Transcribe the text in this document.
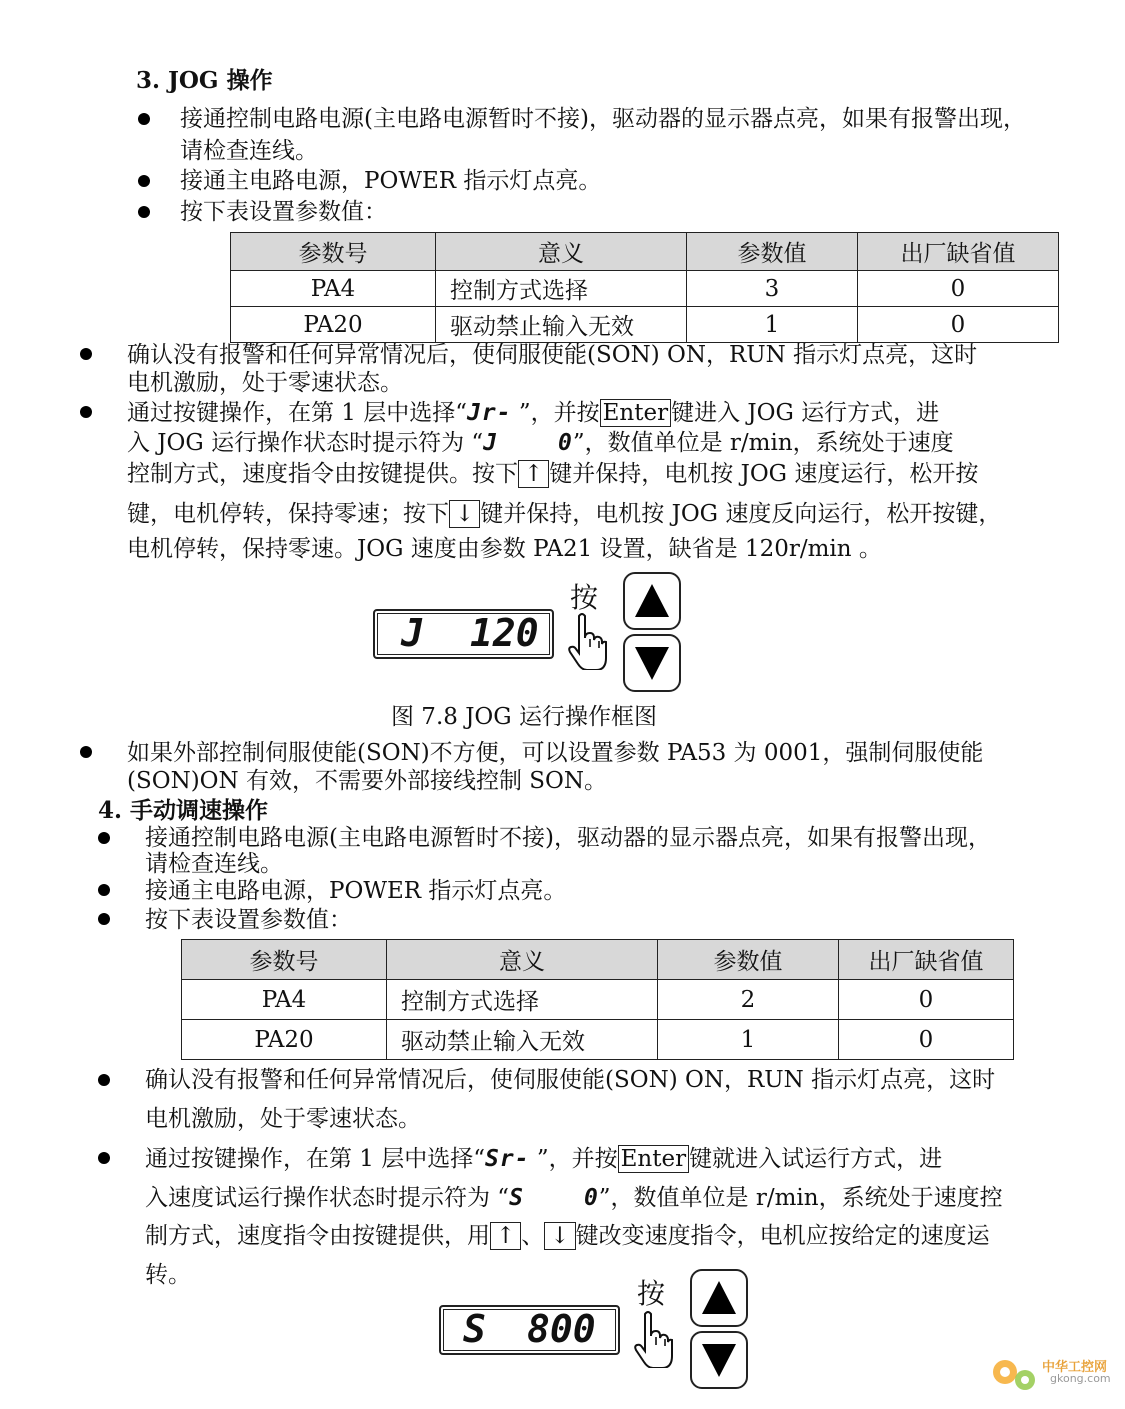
3. JOG 操作
接通控制电路电源(主电路电源暂时不接)，驱动器的显示器点亮，如果有报警出现，
请检查连线。
接通主电路电源，POWER 指示灯点亮。
按下表设置参数值：
参数号	意义	参数值	出厂缺省值
PA4	控制方式选择	3	0
PA20	驱动禁止输入无效	1	0
确认没有报警和任何异常情况后，使伺服使能(SON) ON，RUN 指示灯点亮，这时
电机激励，处于零速状态。
通过按键操作，在第 1 层中选择“Jr- ”，并按 Enter 键进入 JOG 运行方式，进
入 JOG 运行操作状态时提示符为 “J	0”，数值单位是 r/min，系统处于速度
控制方式，速度指令由按键提供。按下 ↑ 键并保持，电机按 JOG 速度运行，松开按
键，电机停转，保持零速；按下 ↓ 键并保持，电机按 JOG 速度反向运行，松开按键，
电机停转，保持零速。JOG 速度由参数 PA21 设置，缺省是 120r/min 。
J 120
按
图 7.8 JOG 运行操作框图
如果外部控制伺服使能(SON)不方便，可以设置参数 PA53 为 0001，强制伺服使能
(SON)ON 有效，不需要外部接线控制 SON。
4. 手动调速操作
接通控制电路电源(主电路电源暂时不接)，驱动器的显示器点亮，如果有报警出现，
请检查连线。
接通主电路电源，POWER 指示灯点亮。
按下表设置参数值：
参数号	意义	参数值	出厂缺省值
PA4	控制方式选择	2	0
PA20	驱动禁止输入无效	1	0
确认没有报警和任何异常情况后，使伺服使能(SON) ON，RUN 指示灯点亮，这时
电机激励，处于零速状态。
通过按键操作，在第 1 层中选择“Sr- ”，并按 Enter 键就进入试运行方式，进
入速度试运行操作状态时提示符为 “S	0”，数值单位是 r/min，系统处于速度控
制方式，速度指令由按键提供，用 ↑ 、 ↓ 键改变速度指令，电机应按给定的速度运
转。
S 800
按
中华工控网
gkong.com
